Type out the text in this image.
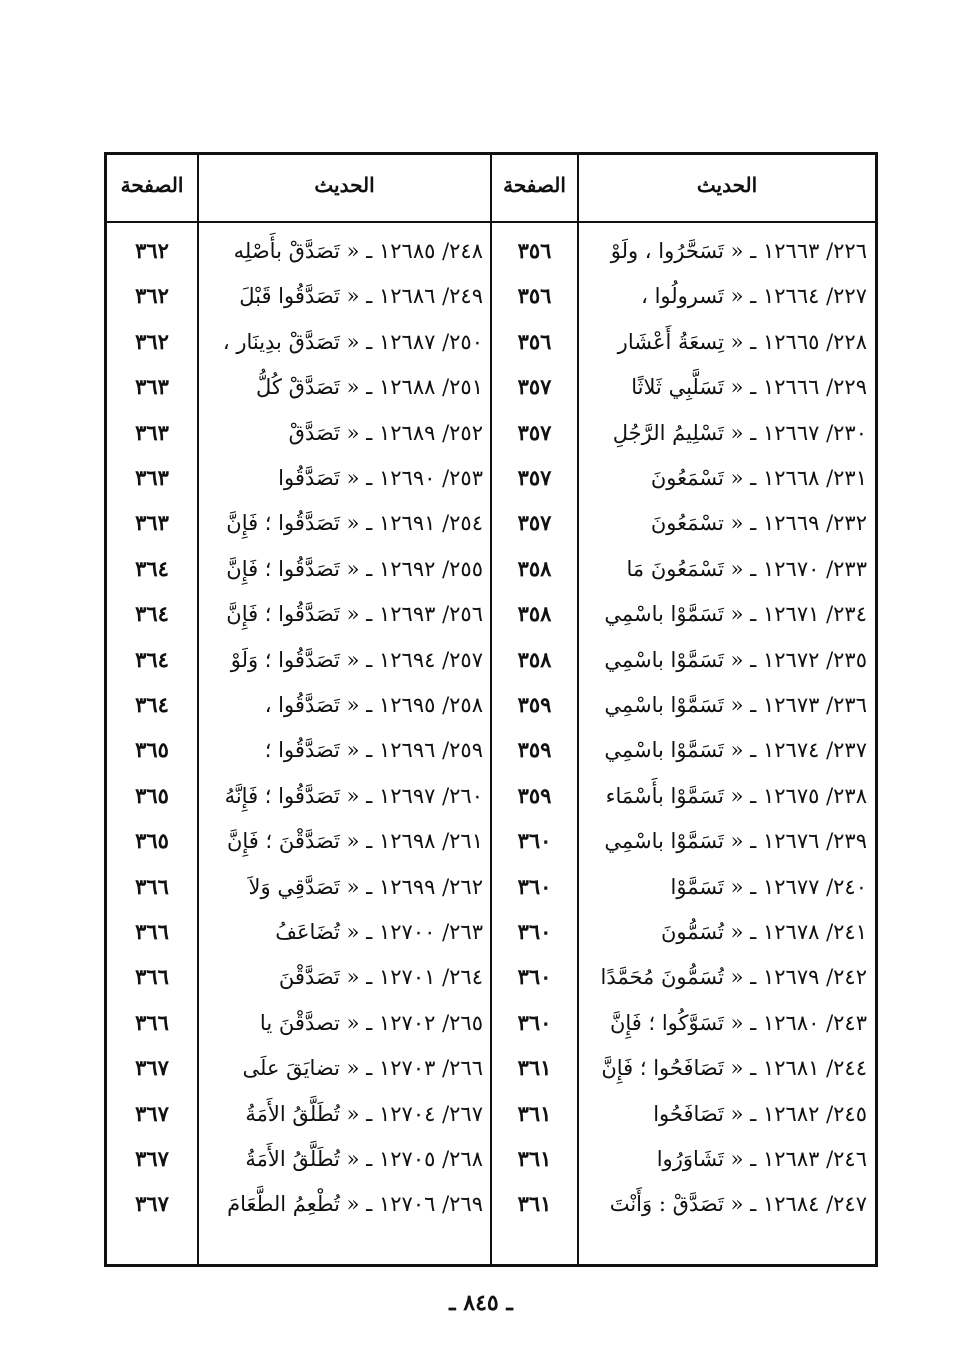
الحديث
الصفحة
الحديث
الصفحة
٢٢٦/ ١٢٦٦٣ ـ « تَسَحَّرُوا ، ولَوْ
٣٥٦
٢٢٧/ ١٢٦٦٤ ـ « تَسرولُوا ،
٣٥٦
٢٢٨/ ١٢٦٦٥ ـ « تِسعَةُ أَعْشَار
٣٥٦
٢٢٩/ ١٢٦٦٦ ـ « تَسَلَّبِي ثَلاثًا
٣٥٧
٢٣٠/ ١٢٦٦٧ ـ « تَسْلِيمُ الرَّجُلِ
٣٥٧
٢٣١/ ١٢٦٦٨ ـ « تَسْمَعُونَ
٣٥٧
٢٣٢/ ١٢٦٦٩ ـ « تسْمَعُونَ
٣٥٧
٢٣٣/ ١٢٦٧٠ ـ « تَسْمَعُونَ مَا
٣٥٨
٢٣٤/ ١٢٦٧١ ـ « تَسَمَّوْا باسْمِي
٣٥٨
٢٣٥/ ١٢٦٧٢ ـ « تَسَمَّوْا باسْمِي
٣٥٨
٢٣٦/ ١٢٦٧٣ ـ « تَسَمَّوْا باسْمِي
٣٥٩
٢٣٧/ ١٢٦٧٤ ـ « تَسَمَّوْا باسْمِي
٣٥٩
٢٣٨/ ١٢٦٧٥ ـ « تَسَمَّوْا بأَسْمَاء
٣٥٩
٢٣٩/ ١٢٦٧٦ ـ « تَسَمَّوْا باسْمِي
٣٦٠
٢٤٠/ ١٢٦٧٧ ـ « تَسَمَّوْا
٣٦٠
٢٤١/ ١٢٦٧٨ ـ « تُسَمُّونَ
٣٦٠
٢٤٢/ ١٢٦٧٩ ـ « تُسَمُّونَ مُحَمَّدًا
٣٦٠
٢٤٣/ ١٢٦٨٠ ـ « تَسَوَّكُوا ؛ فَإِنَّ
٣٦٠
٢٤٤/ ١٢٦٨١ ـ « تَصَافَحُوا ؛ فَإِنَّ
٣٦١
٢٤٥/ ١٢٦٨٢ ـ « تَصَافَحُوا
٣٦١
٢٤٦/ ١٢٦٨٣ ـ « تَشَاوَرُوا
٣٦١
٢٤٧/ ١٢٦٨٤ ـ « تَصَدَّقْ : وَأَنْتَ
٣٦١
٢٤٨/ ١٢٦٨٥ ـ « تَصَدَّقْ بأَصْلِه
٣٦٢
٢٤٩/ ١٢٦٨٦ ـ « تَصَدَّقُوا قَبْلَ
٣٦٢
٢٥٠/ ١٢٦٨٧ ـ « تَصَدَّقْ بدِينَار ،
٣٦٢
٢٥١/ ١٢٦٨٨ ـ « تَصَدَّقْ كُلُّ
٣٦٣
٢٥٢/ ١٢٦٨٩ ـ « تَصَدَّقْ
٣٦٣
٢٥٣/ ١٢٦٩٠ ـ « تَصَدَّقُوا
٣٦٣
٢٥٤/ ١٢٦٩١ ـ « تَصَدَّقُوا ؛ فَإِنَّ
٣٦٣
٢٥٥/ ١٢٦٩٢ ـ « تَصَدَّقُوا ؛ فَإِنَّ
٣٦٤
٢٥٦/ ١٢٦٩٣ ـ « تَصَدَّقُوا ؛ فَإِنَّ
٣٦٤
٢٥٧/ ١٢٦٩٤ ـ « تَصَدَّقُوا ؛ وَلَوْ
٣٦٤
٢٥٨/ ١٢٦٩٥ ـ « تَصَدَّقُوا ،
٣٦٤
٢٥٩/ ١٢٦٩٦ ـ « تَصَدَّقُوا ؛
٣٦٥
٢٦٠/ ١٢٦٩٧ ـ « تَصَدَّقُوا ؛ فَإِنَّهُ
٣٦٥
٢٦١/ ١٢٦٩٨ ـ « تَصَدَّقْنَ ؛ فَإِنَّ
٣٦٥
٢٦٢/ ١٢٦٩٩ ـ « تَصَدَّقِي وَلاَ
٣٦٦
٢٦٣/ ١٢٧٠٠ ـ « تُضَاعَفُ
٣٦٦
٢٦٤/ ١٢٧٠١ ـ « تَصَدَّقْنَ
٣٦٦
٢٦٥/ ١٢٧٠٢ ـ « تصدَّقْنَ يا
٣٦٦
٢٦٦/ ١٢٧٠٣ ـ « تضايَقَ علَى
٣٦٧
٢٦٧/ ١٢٧٠٤ ـ « تُطَلَّقُ الأَمَةُ
٣٦٧
٢٦٨/ ١٢٧٠٥ ـ « تُطَلَّقُ الأَمَةُ
٣٦٧
٢٦٩/ ١٢٧٠٦ ـ « تُطْعِمُ الطَّعَامَ
٣٦٧
ـ ٨٤٥ ـ
